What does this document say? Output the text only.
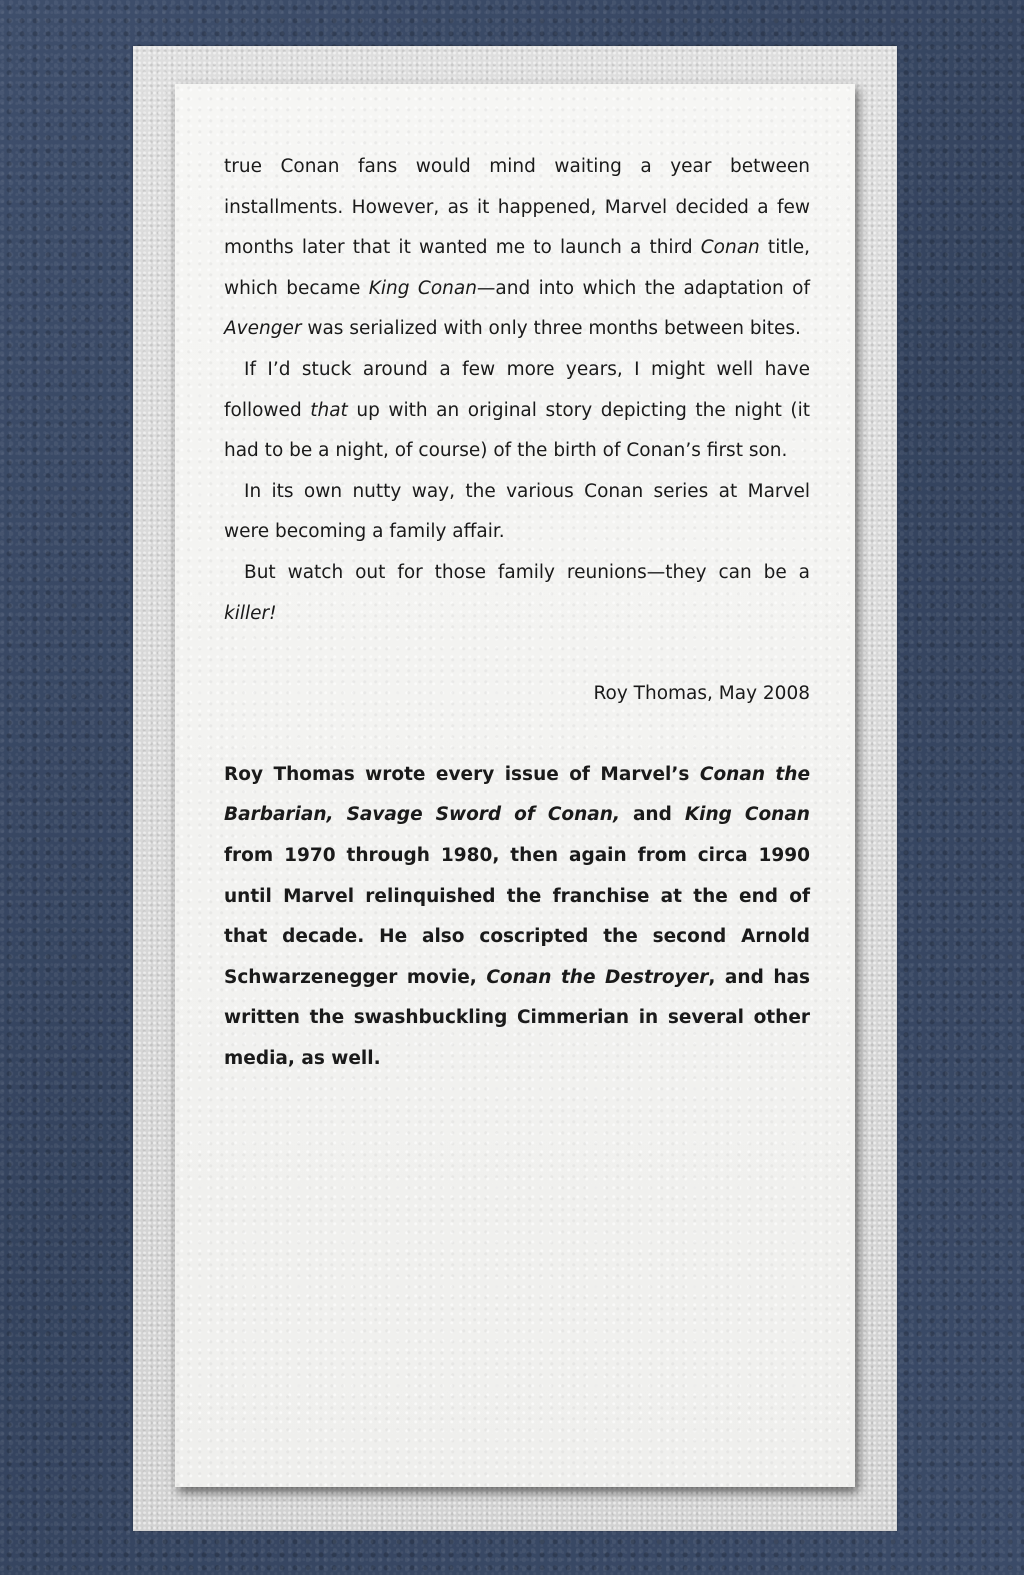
true Conan fans would mind waiting a year between installments. However, as it happened, Marvel decided a few months later that it wanted me to launch a third Conan title, which became King Conan—and into which the adaptation of Avenger was serialized with only three months between bites.

If I’d stuck around a few more years, I might well have followed that up with an original story depicting the night (it had to be a night, of course) of the birth of Conan’s first son.

In its own nutty way, the various Conan series at Marvel were becoming a family affair.

But watch out for those family reunions—they can be a killer!

Roy Thomas, May 2008

Roy Thomas wrote every issue of Marvel’s Conan the Barbarian, Savage Sword of Conan, and King Conan from 1970 through 1980, then again from circa 1990 until Marvel relinquished the franchise at the end of that decade. He also coscripted the second Arnold Schwarzenegger movie, Conan the Destroyer, and has written the swashbuckling Cimmerian in several other media, as well.
